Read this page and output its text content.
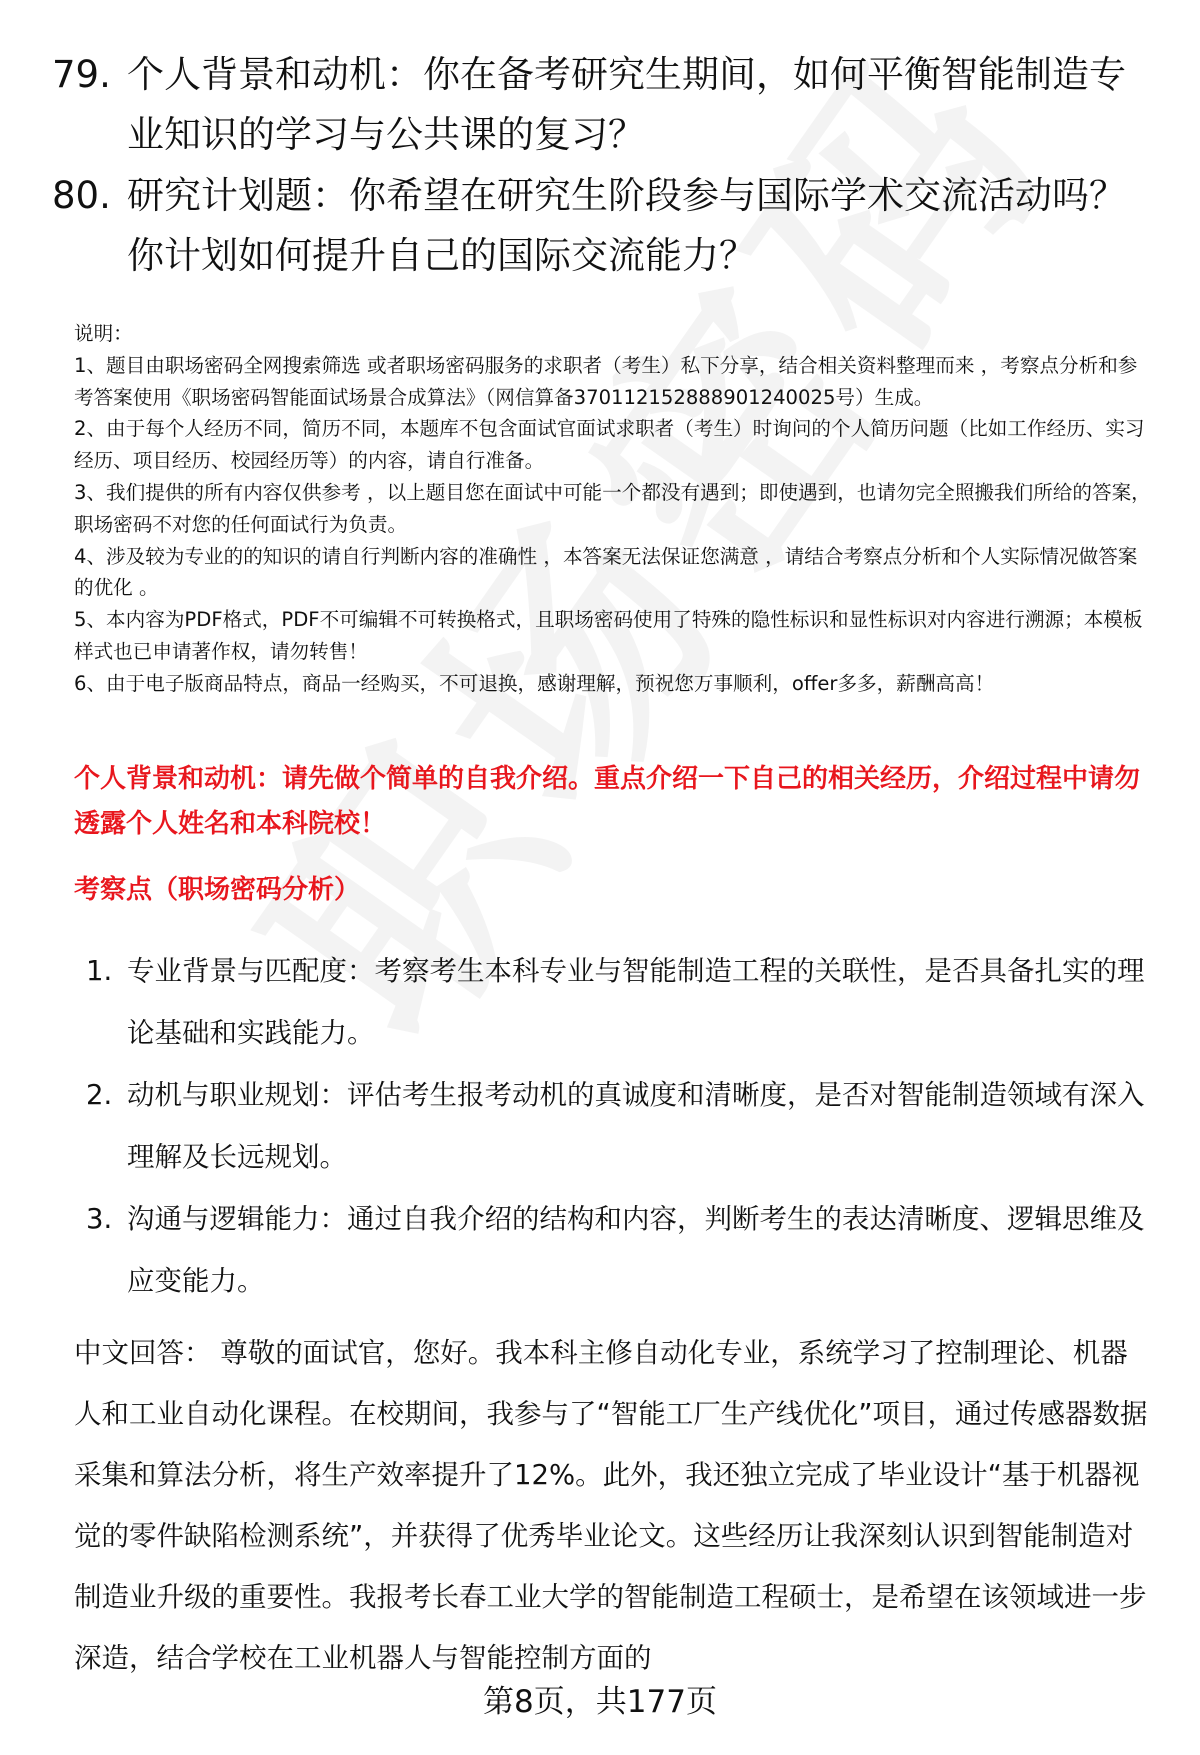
79. 个人背景和动机：你在备考研究生期间，如何平衡智能制造专业知识的学习与公共课的复习？
80. 研究计划题：你希望在研究生阶段参与国际学术交流活动吗？你计划如何提升自己的国际交流能力？

说明：

1、题目由职场密码全网搜索筛选 或者职场密码服务的求职者（考生）私下分享，结合相关资料整理而来 ，考察点分析和参考答案使用《职场密码智能面试场景合成算法》（网信算备370112152888901240025号）生成。

2、由于每个人经历不同，简历不同，本题库不包含面试官面试求职者（考生）时询问的个人简历问题（比如工作经历、实习经历、项目经历、校园经历等）的内容，请自行准备。

3、我们提供的所有内容仅供参考 ，以上题目您在面试中可能一个都没有遇到；即使遇到，也请勿完全照搬我们所给的答案，职场密码不对您的任何面试行为负责。

4、涉及较为专业的的知识的请自行判断内容的准确性 ，本答案无法保证您满意 ，请结合考察点分析和个人实际情况做答案的优化 。

5、本内容为PDF格式，PDF不可编辑不可转换格式，且职场密码使用了特殊的隐性标识和显性标识对内容进行溯源；本模板样式也已申请著作权，请勿转售！

6、由于电子版商品特点，商品一经购买，不可退换，感谢理解，预祝您万事顺利，offer多多，薪酬高高！

个人背景和动机：请先做个简单的自我介绍。重点介绍一下自己的相关经历，介绍过程中请勿透露个人姓名和本科院校！
考察点（职场密码分析）
1. 专业背景与匹配度：考察考生本科专业与智能制造工程的关联性，是否具备扎实的理论基础和实践能力。
2. 动机与职业规划：评估考生报考动机的真诚度和清晰度，是否对智能制造领域有深入理解及长远规划。
3. 沟通与逻辑能力：通过自我介绍的结构和内容，判断考生的表达清晰度、逻辑思维及应变能力。
中文回答： 尊敬的面试官，您好。我本科主修自动化专业，系统学习了控制理论、机器人和工业自动化课程。在校期间，我参与了“智能工厂生产线优化”项目，通过传感器数据采集和算法分析，将生产效率提升了12%。此外，我还独立完成了毕业设计“基于机器视觉的零件缺陷检测系统”，并获得了优秀毕业论文。这些经历让我深刻认识到智能制造对制造业升级的重要性。我报考长春工业大学的智能制造工程硕士，是希望在该领域进一步深造，结合学校在工业机器人与智能控制方面的
第8页，共177页
